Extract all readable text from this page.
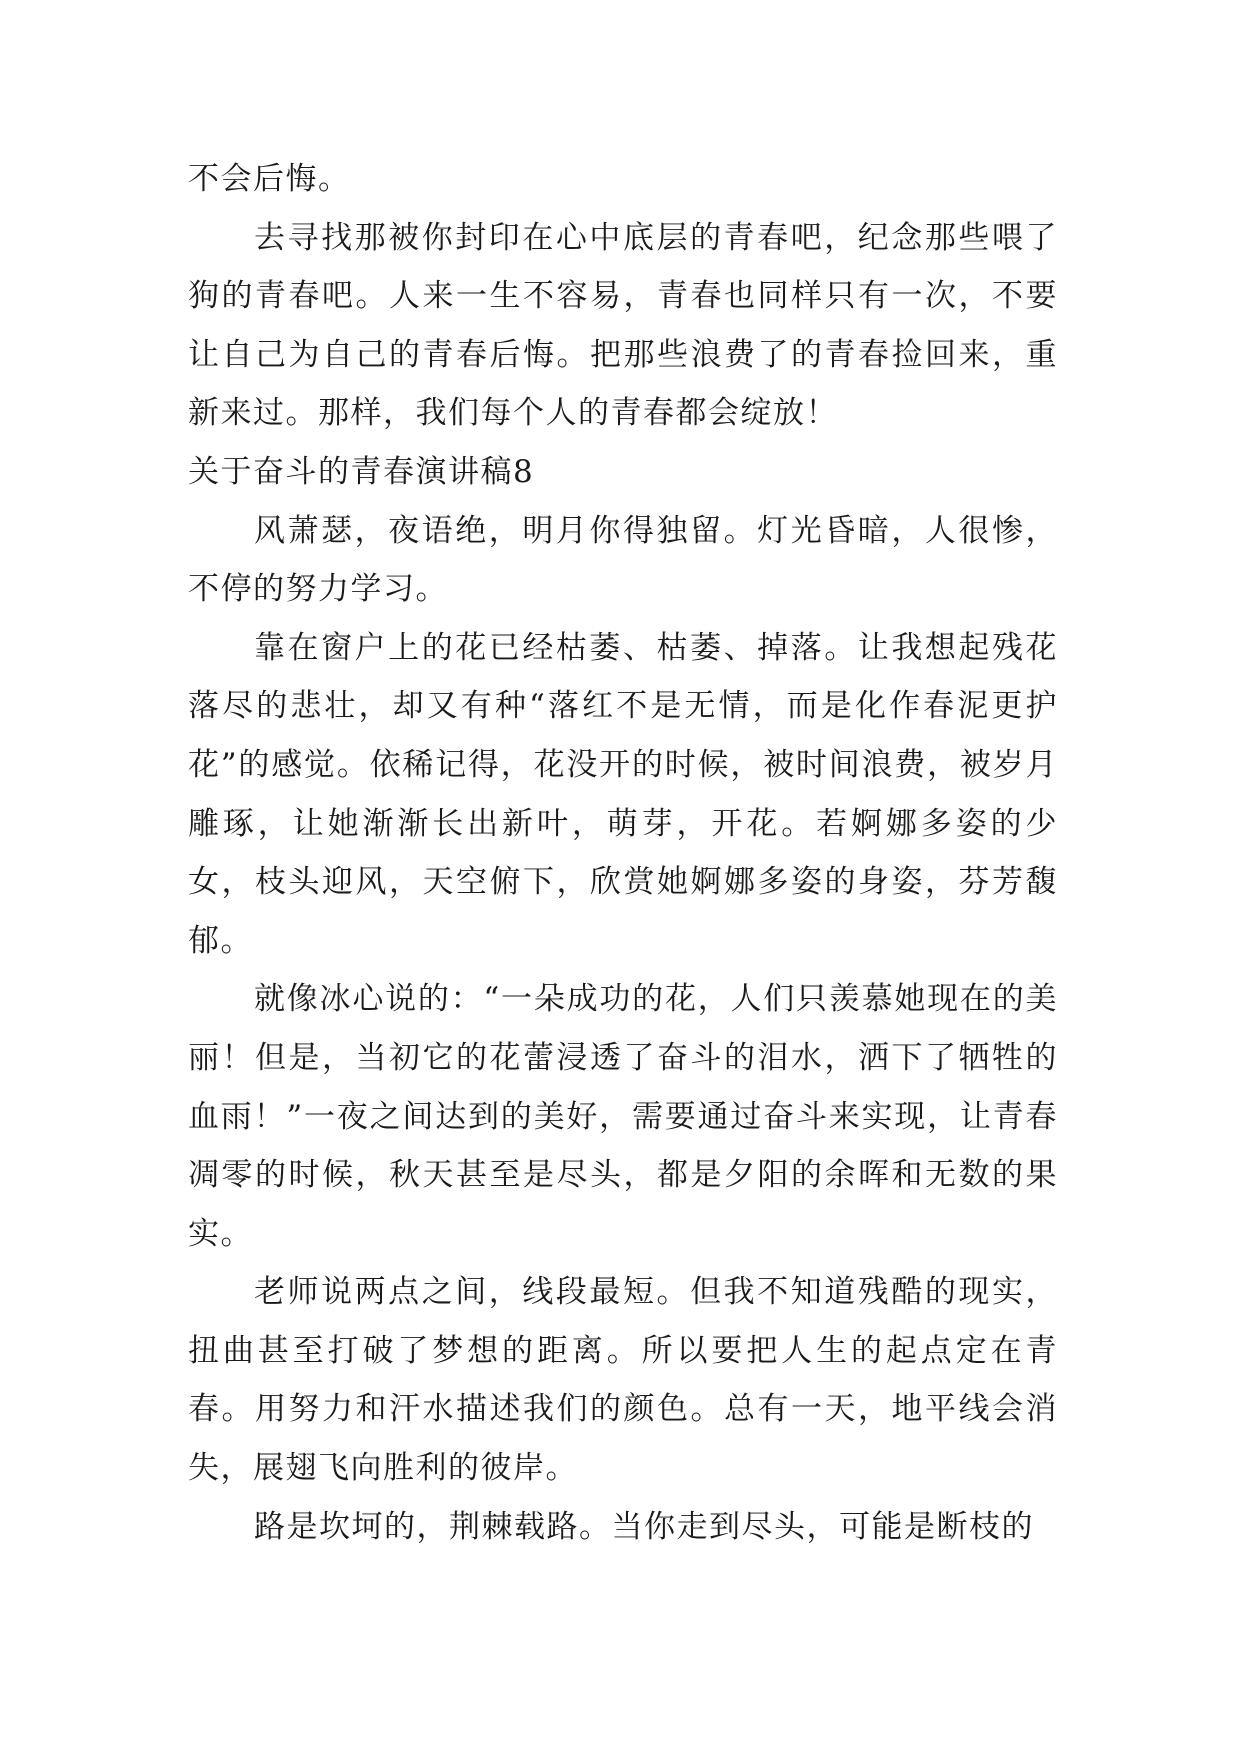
不会后悔。

去寻找那被你封印在心中底层的青春吧，纪念那些喂了狗的青春吧。人来一生不容易，青春也同样只有一次，不要让自己为自己的青春后悔。把那些浪费了的青春捡回来，重新来过。那样，我们每个人的青春都会绽放！

关于奋斗的青春演讲稿8

风萧瑟，夜语绝，明月你得独留。灯光昏暗，人很惨，不停的努力学习。

靠在窗户上的花已经枯萎、枯萎、掉落。让我想起残花落尽的悲壮，却又有种“落红不是无情，而是化作春泥更护花”的感觉。依稀记得，花没开的时候，被时间浪费，被岁月雕琢，让她渐渐长出新叶，萌芽，开花。若婀娜多姿的少女，枝头迎风，天空俯下，欣赏她婀娜多姿的身姿，芬芳馥郁。

就像冰心说的：“一朵成功的花，人们只羡慕她现在的美丽！但是，当初它的花蕾浸透了奋斗的泪水，洒下了牺牲的血雨！”一夜之间达到的美好，需要通过奋斗来实现，让青春凋零的时候，秋天甚至是尽头，都是夕阳的余晖和无数的果实。

老师说两点之间，线段最短。但我不知道残酷的现实，扭曲甚至打破了梦想的距离。所以要把人生的起点定在青春。用努力和汗水描述我们的颜色。总有一天，地平线会消失，展翅飞向胜利的彼岸。

路是坎坷的，荆棘载路。当你走到尽头，可能是断枝的
